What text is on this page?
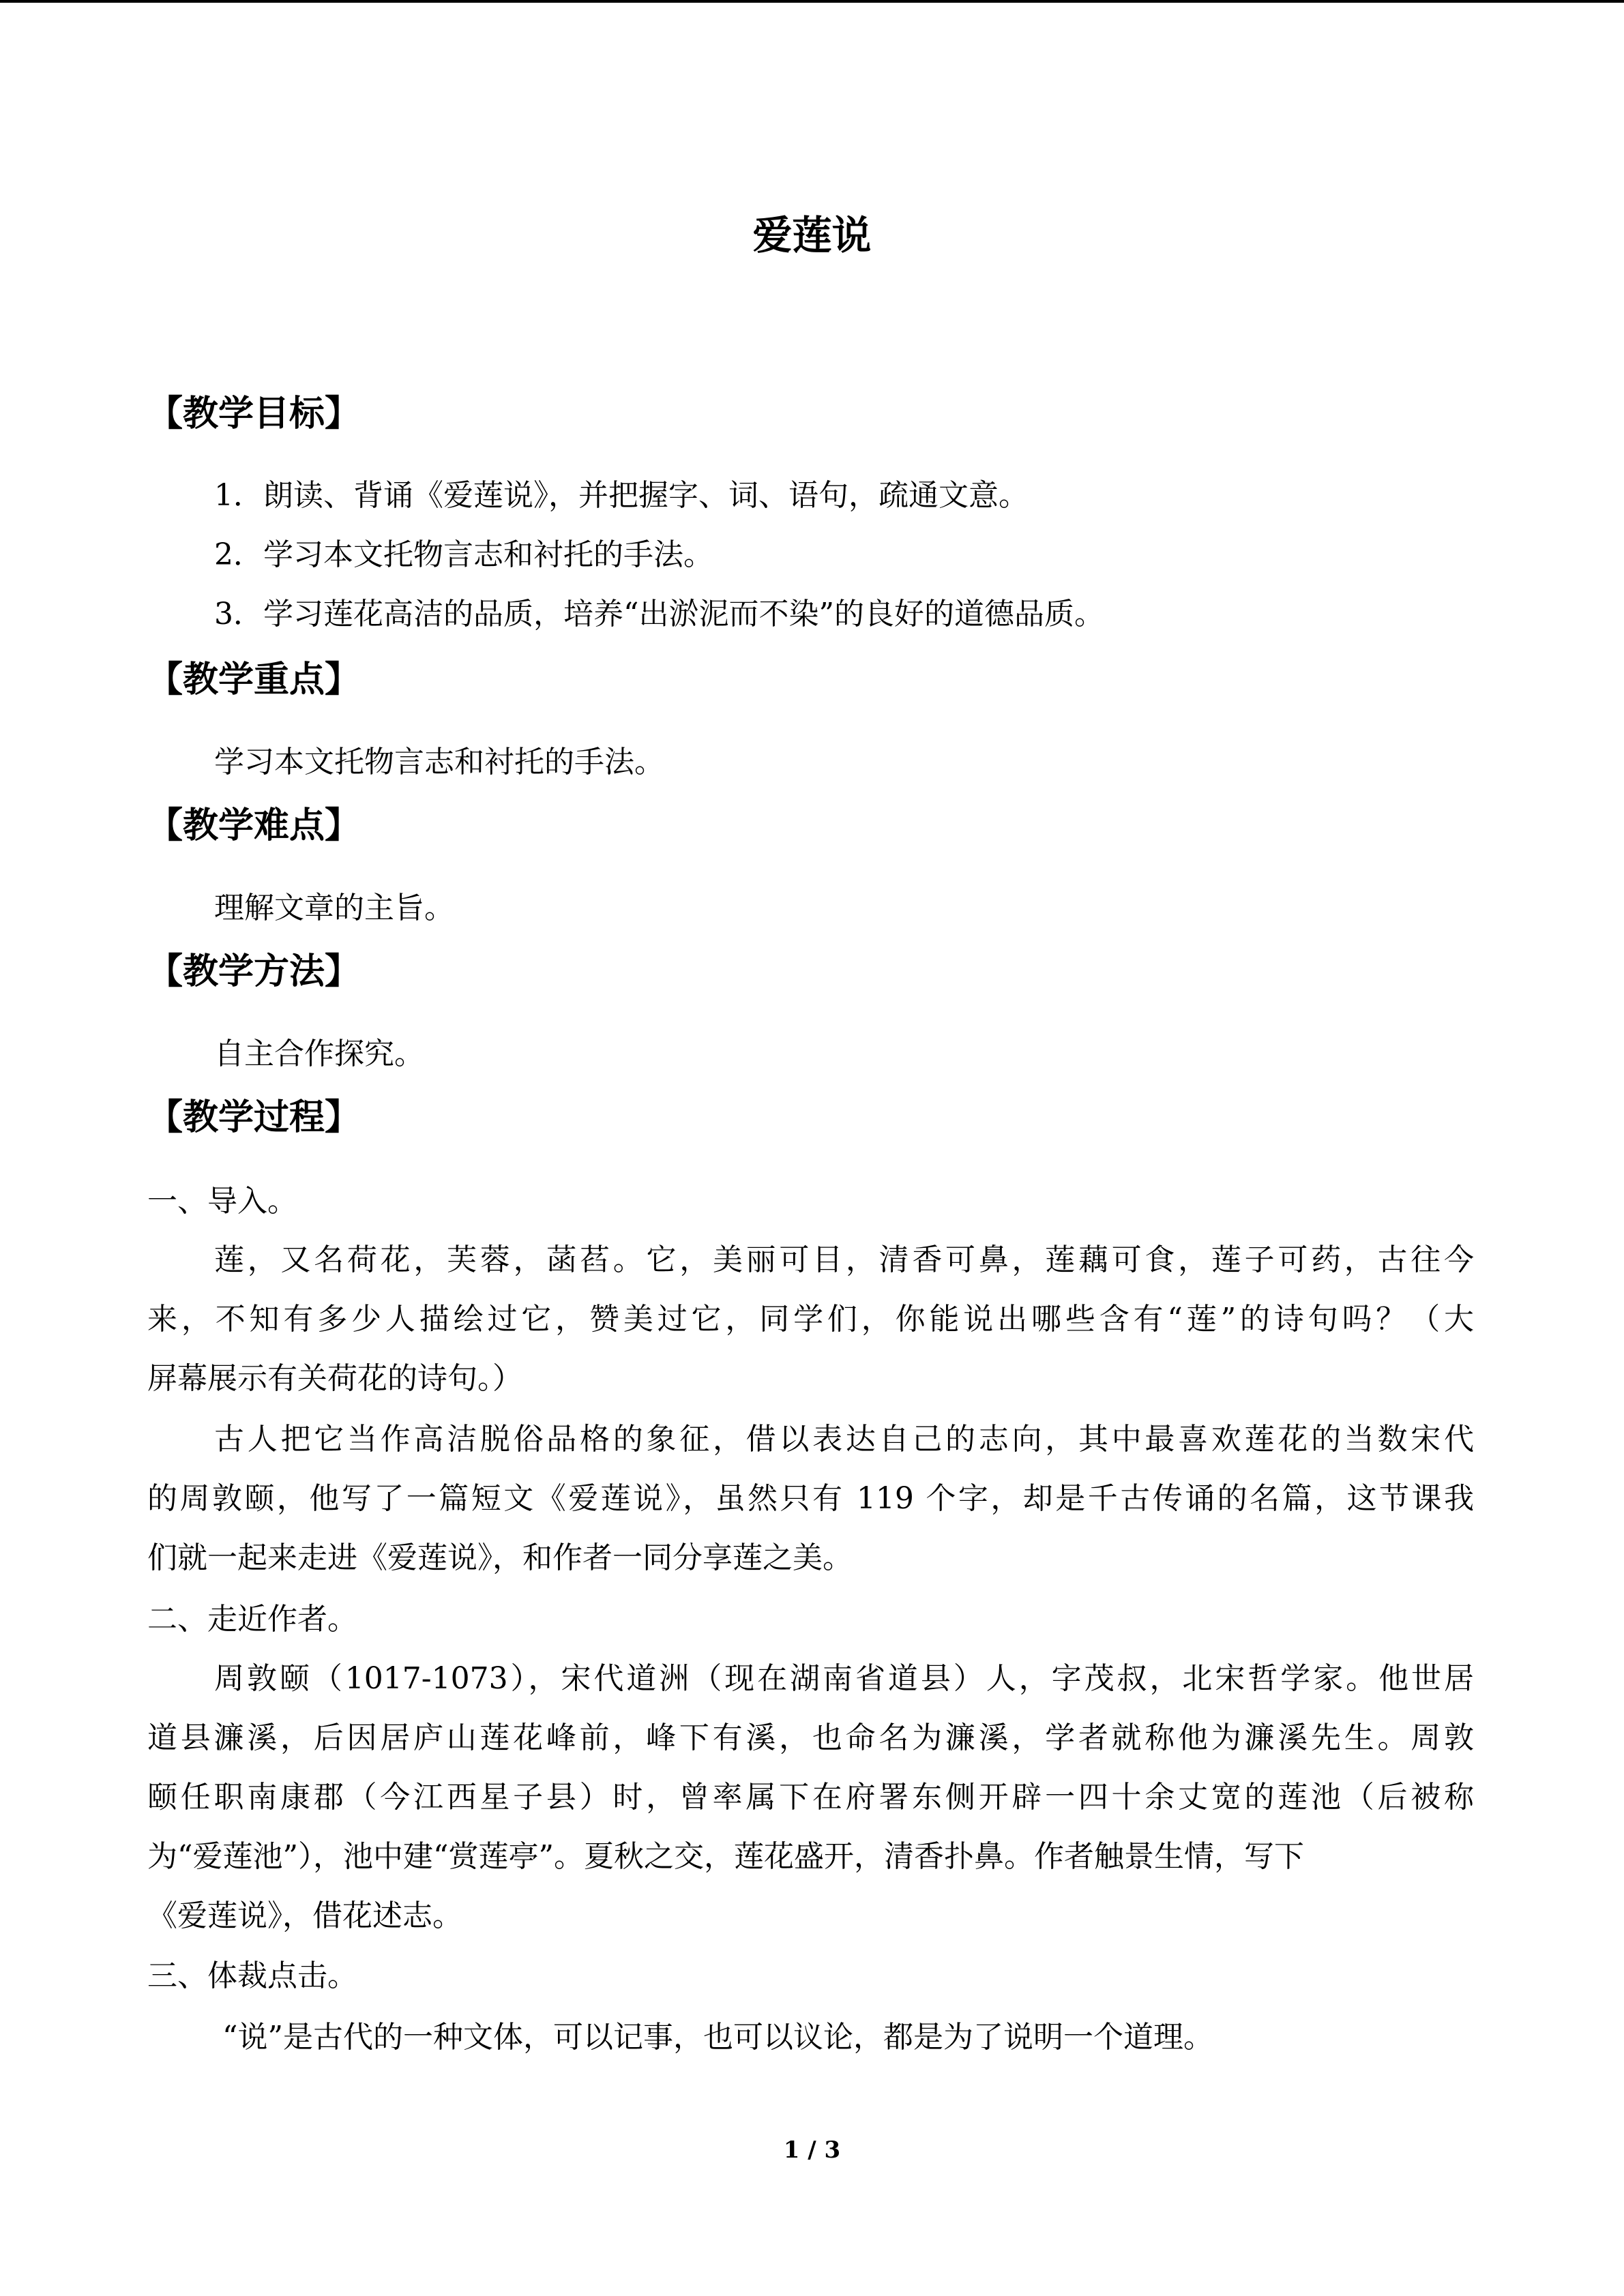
爱莲说
【教学目标】
1．朗读、背诵《爱莲说》，并把握字、词、语句，疏通文意。
2．学习本文托物言志和衬托的手法。
3．学习莲花高洁的品质，培养“出淤泥而不染”的良好的道德品质。
【教学重点】
学习本文托物言志和衬托的手法。
【教学难点】
理解文章的主旨。
【教学方法】
自主合作探究。
【教学过程】
一、导入。
莲，又名荷花，芙蓉，菡萏。它，美丽可目，清香可鼻，莲藕可食，莲子可药，古往今
来，不知有多少人描绘过它，赞美过它，同学们，你能说出哪些含有“莲”的诗句吗？（大
屏幕展示有关荷花的诗句。）
古人把它当作高洁脱俗品格的象征，借以表达自己的志向，其中最喜欢莲花的当数宋代
的周敦颐，他写了一篇短文《爱莲说》，虽然只有 119 个字，却是千古传诵的名篇，这节课我
们就一起来走进《爱莲说》，和作者一同分享莲之美。
二、走近作者。
周敦颐（1017-1073），宋代道洲（现在湖南省道县）人，字茂叔，北宋哲学家。他世居
道县濂溪，后因居庐山莲花峰前，峰下有溪，也命名为濂溪，学者就称他为濂溪先生。周敦
颐任职南康郡（今江西星子县）时，曾率属下在府署东侧开辟一四十余丈宽的莲池（后被称
为“爱莲池”），池中建“赏莲亭”。夏秋之交，莲花盛开，清香扑鼻。作者触景生情，写下
《爱莲说》，借花述志。
三、体裁点击。
“说”是古代的一种文体，可以记事，也可以议论，都是为了说明一个道理。
1 / 3
